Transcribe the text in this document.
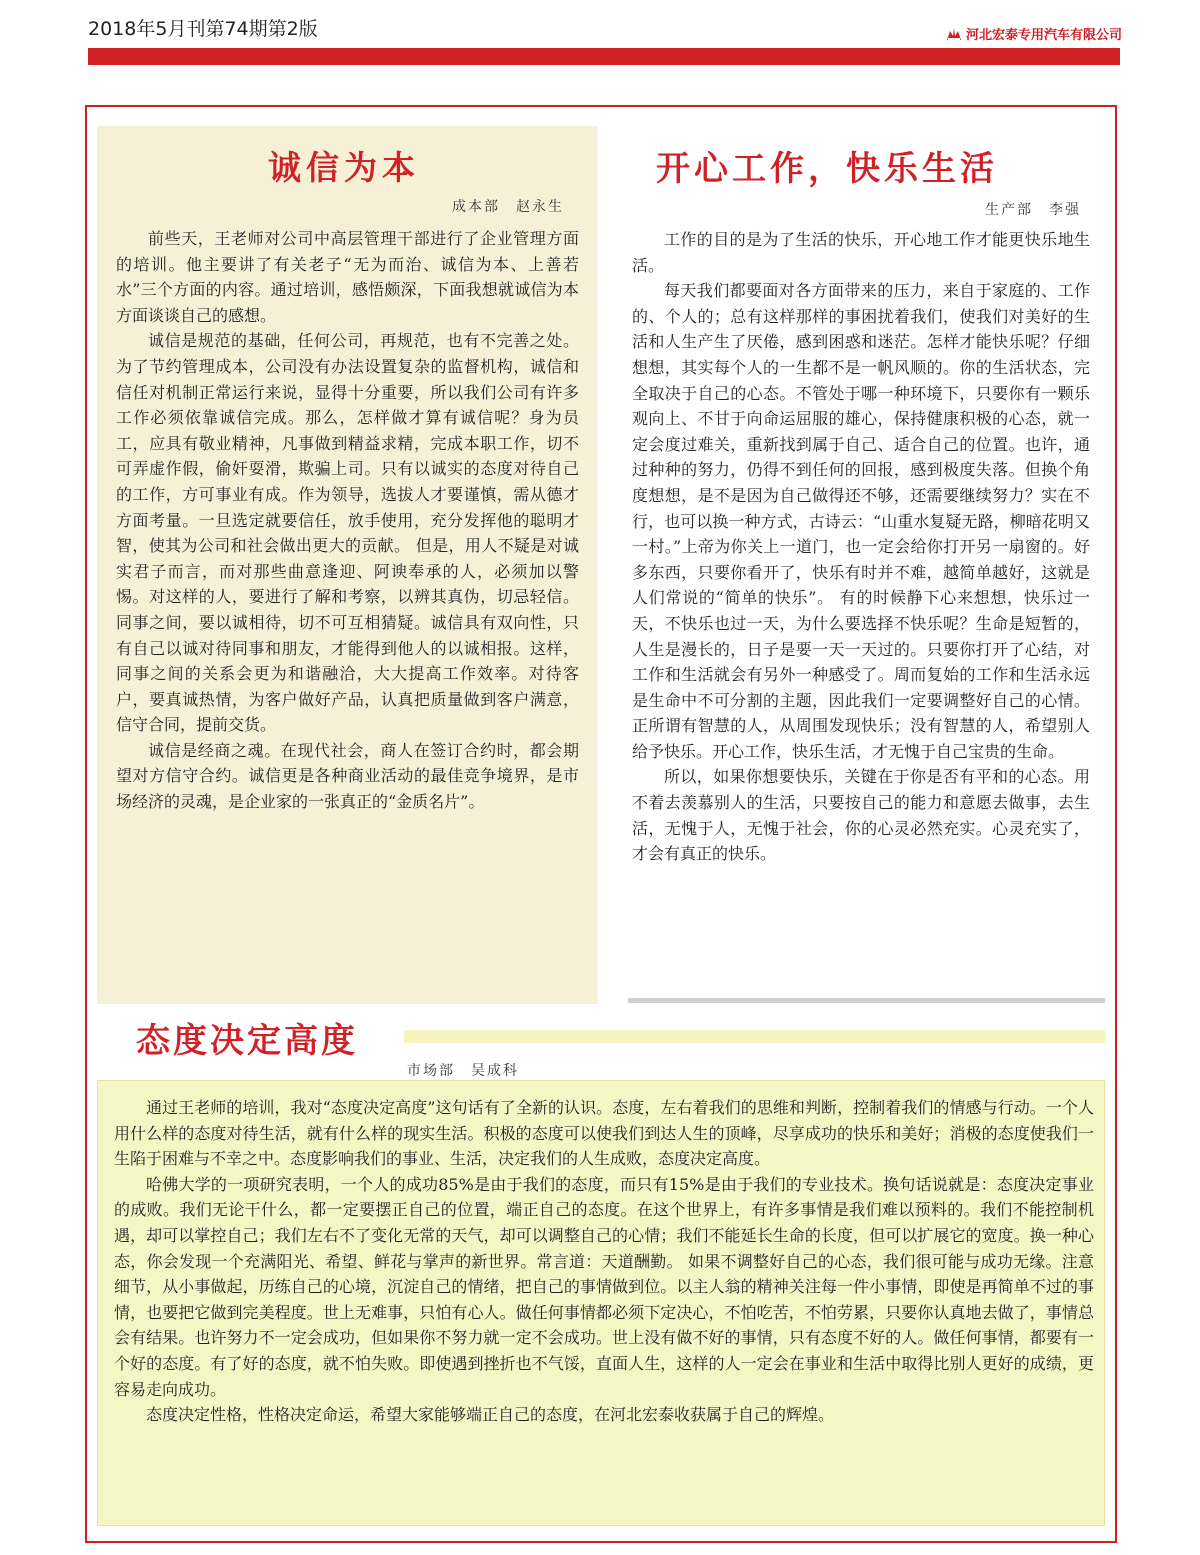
2018年5月刊第74期第2版	河北宏泰专用汽车有限公司
诚信为本
成本部　赵永生

前些天，王老师对公司中高层管理干部进行了企业管理方面的培训。他主要讲了有关老子“无为而治、诚信为本、上善若水”三个方面的内容。通过培训，感悟颇深，下面我想就诚信为本方面谈谈自己的感想。

诚信是规范的基础，任何公司，再规范，也有不完善之处。为了节约管理成本，公司没有办法设置复杂的监督机构，诚信和信任对机制正常运行来说，显得十分重要，所以我们公司有许多工作必须依靠诚信完成。那么，怎样做才算有诚信呢？身为员工，应具有敬业精神，凡事做到精益求精，完成本职工作，切不可弄虚作假，偷奸耍滑，欺骗上司。只有以诚实的态度对待自己的工作，方可事业有成。作为领导，选拔人才要谨慎，需从德才方面考量。一旦选定就要信任，放手使用，充分发挥他的聪明才智，使其为公司和社会做出更大的贡献。 但是，用人不疑是对诚实君子而言，而对那些曲意逢迎、阿谀奉承的人，必须加以警惕。对这样的人，要进行了解和考察，以辨其真伪，切忌轻信。同事之间，要以诚相待，切不可互相猜疑。诚信具有双向性，只有自己以诚对待同事和朋友，才能得到他人的以诚相报。这样，同事之间的关系会更为和谐融洽，大大提高工作效率。对待客户，要真诚热情，为客户做好产品，认真把质量做到客户满意，信守合同，提前交货。

诚信是经商之魂。在现代社会，商人在签订合约时，都会期望对方信守合约。诚信更是各种商业活动的最佳竞争境界，是市场经济的灵魂，是企业家的一张真正的“金质名片”。

开心工作，快乐生活
生产部　李强

工作的目的是为了生活的快乐，开心地工作才能更快乐地生活。

每天我们都要面对各方面带来的压力，来自于家庭的、工作的、个人的；总有这样那样的事困扰着我们，使我们对美好的生活和人生产生了厌倦，感到困惑和迷茫。怎样才能快乐呢？仔细想想，其实每个人的一生都不是一帆风顺的。你的生活状态，完全取决于自己的心态。不管处于哪一种环境下，只要你有一颗乐观向上、不甘于向命运屈服的雄心，保持健康积极的心态，就一定会度过难关，重新找到属于自己、适合自己的位置。也许，通过种种的努力，仍得不到任何的回报，感到极度失落。但换个角度想想，是不是因为自己做得还不够，还需要继续努力？实在不行，也可以换一种方式，古诗云：“山重水复疑无路，柳暗花明又一村。”上帝为你关上一道门，也一定会给你打开另一扇窗的。好多东西，只要你看开了，快乐有时并不难，越简单越好，这就是人们常说的“简单的快乐”。 有的时候静下心来想想，快乐过一天，不快乐也过一天，为什么要选择不快乐呢？生命是短暂的，人生是漫长的，日子是要一天一天过的。只要你打开了心结，对工作和生活就会有另外一种感受了。周而复始的工作和生活永远是生命中不可分割的主题，因此我们一定要调整好自己的心情。正所谓有智慧的人，从周围发现快乐；没有智慧的人，希望别人给予快乐。开心工作，快乐生活，才无愧于自己宝贵的生命。

所以，如果你想要快乐，关键在于你是否有平和的心态。用不着去羡慕别人的生活，只要按自己的能力和意愿去做事，去生活，无愧于人，无愧于社会，你的心灵必然充实。心灵充实了，才会有真正的快乐。

态度决定高度
市场部　吴成科

通过王老师的培训，我对“态度决定高度”这句话有了全新的认识。态度，左右着我们的思维和判断，控制着我们的情感与行动。一个人用什么样的态度对待生活，就有什么样的现实生活。积极的态度可以使我们到达人生的顶峰，尽享成功的快乐和美好；消极的态度使我们一生陷于困难与不幸之中。态度影响我们的事业、生活，决定我们的人生成败，态度决定高度。

哈佛大学的一项研究表明，一个人的成功85%是由于我们的态度，而只有15%是由于我们的专业技术。换句话说就是：态度决定事业的成败。我们无论干什么，都一定要摆正自己的位置，端正自己的态度。在这个世界上，有许多事情是我们难以预料的。我们不能控制机遇，却可以掌控自己；我们左右不了变化无常的天气，却可以调整自己的心情；我们不能延长生命的长度，但可以扩展它的宽度。换一种心态，你会发现一个充满阳光、希望、鲜花与掌声的新世界。常言道：天道酬勤。 如果不调整好自己的心态，我们很可能与成功无缘。注意细节，从小事做起，历练自己的心境，沉淀自己的情绪，把自己的事情做到位。以主人翁的精神关注每一件小事情，即使是再简单不过的事情，也要把它做到完美程度。世上无难事，只怕有心人。做任何事情都必须下定决心，不怕吃苦，不怕劳累，只要你认真地去做了，事情总会有结果。也许努力不一定会成功，但如果你不努力就一定不会成功。世上没有做不好的事情，只有态度不好的人。做任何事情，都要有一个好的态度。有了好的态度，就不怕失败。即使遇到挫折也不气馁，直面人生，这样的人一定会在事业和生活中取得比别人更好的成绩，更容易走向成功。

态度决定性格，性格决定命运，希望大家能够端正自己的态度，在河北宏泰收获属于自己的辉煌。
